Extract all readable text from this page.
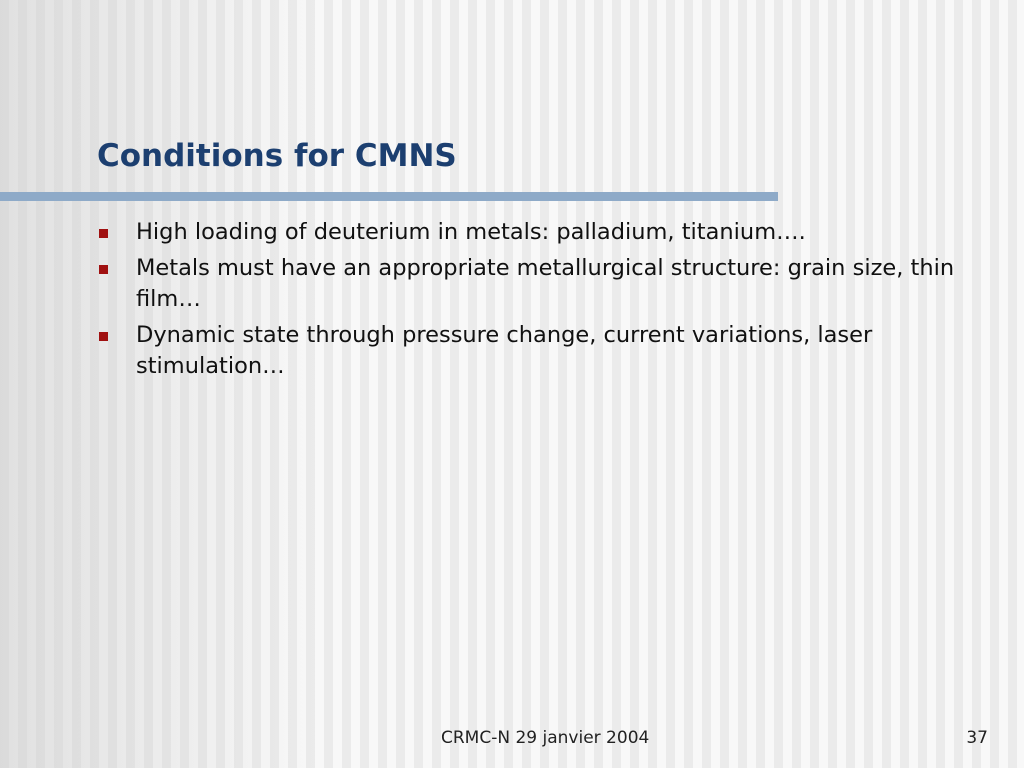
Conditions for CMNS
High loading of deuterium in metals: palladium, titanium….
Metals must have an appropriate metallurgical structure: grain size, thin film…
Dynamic state through pressure change, current variations, laser stimulation…
CRMC-N 29 janvier 2004	37
